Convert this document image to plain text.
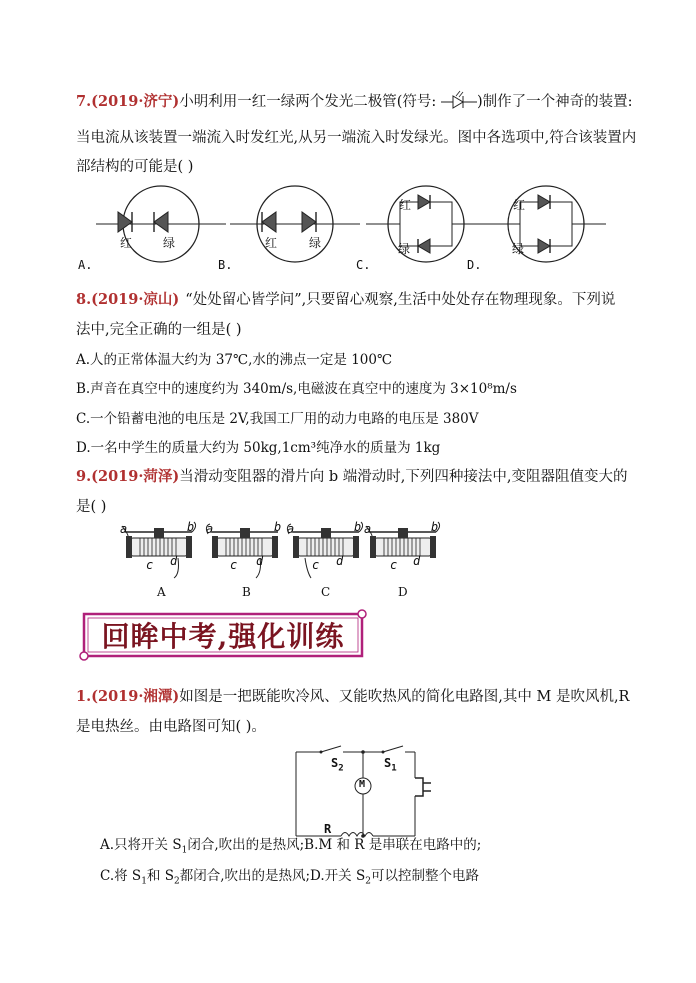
7.(2019·济宁)小明利用一红一绿两个发光二极管(符号:	)制作了一个神奇的装置:
当电流从该装置一端流入时发红光,从另一端流入时发绿光。图中各选项中,符合该装置内
部结构的可能是( )
红	绿
A.
红	绿
B.
红
绿
C.
红
绿
D.
8.(2019·凉山) “处处留心皆学问”,只要留心观察,生活中处处存在物理现象。下列说
法中,完全正确的一组是( )
A.人的正常体温大约为 37℃,水的沸点一定是 100℃
B.声音在真空中的速度约为 340m/s,电磁波在真空中的速度为 3×10⁸m/s
C.一个铅蓄电池的电压是 2V,我国工厂用的动力电路的电压是 380V
D.一名中学生的质量大约为 50kg,1cm³纯净水的质量为 1kg
9.(2019·菏泽)当滑动变阻器的滑片向 b 端滑动时,下列四种接法中,变阻器阻值变大的
是( )
a	b
c d
A
a	b
c d
B
a	b
c d
C
a	b
c d
D
回眸中考,强化训练
1.(2019·湘潭)如图是一把既能吹冷风、又能吹热风的简化电路图,其中 M 是吹风机,R
是电热丝。由电路图可知( )。
$S_2$	$S_1$
M
R
A.只将开关 $S_1$闭合,吹出的是热风;B.M 和 R 是串联在电路中的;
C.将 $S_1$和 $S_2$都闭合,吹出的是热风;D.开关 $S_2$可以控制整个电路
